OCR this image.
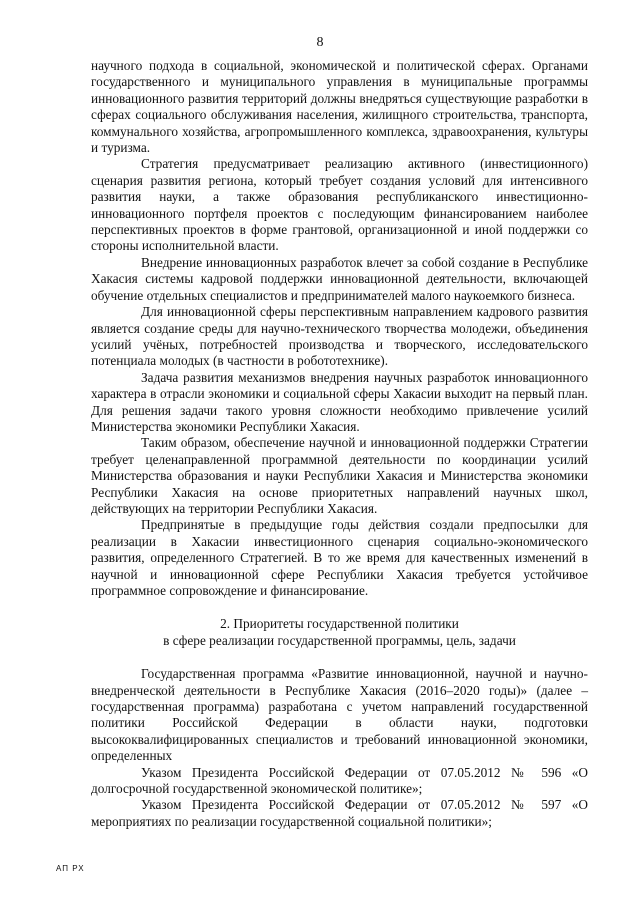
8

научного подхода в социальной, экономической и политической сферах. Органами государственного и муниципального управления в муниципальные программы инновационного развития территорий должны внедряться существующие разработки в сферах социального обслуживания населения, жилищного строительства, транспорта, коммунального хозяйства, агропромышленного комплекса, здравоохранения, культуры и туризма.

Стратегия предусматривает реализацию активного (инвестиционного) сценария развития региона, который требует создания условий для интенсивного развития науки, а также образования республиканского инвестиционно-инновационного портфеля проектов с последующим финансированием наиболее перспективных проектов в форме грантовой, организационной и иной поддержки со стороны исполнительной власти.

Внедрение инновационных разработок влечет за собой создание в Республике Хакасия системы кадровой поддержки инновационной деятельности, включающей обучение отдельных специалистов и предпринимателей малого наукоемкого бизнеса.

Для инновационной сферы перспективным направлением кадрового развития является создание среды для научно-технического творчества молодежи, объединения усилий учёных, потребностей производства и творческого, исследовательского потенциала молодых (в частности в робототехнике).

Задача развития механизмов внедрения научных разработок инновационного характера в отрасли экономики и социальной сферы Хакасии выходит на первый план. Для решения задачи такого уровня сложности необходимо привлечение усилий Министерства экономики Республики Хакасия.

Таким образом, обеспечение научной и инновационной поддержки Стратегии требует целенаправленной программной деятельности по координации усилий Министерства образования и науки Республики Хакасия и Министерства экономики Республики Хакасия на основе приоритетных направлений научных школ, действующих на территории Республики Хакасия.

Предпринятые в предыдущие годы действия создали предпосылки для реализации в Хакасии инвестиционного сценария социально-экономического развития, определенного Стратегией. В то же время для качественных изменений в научной и инновационной сфере Республики Хакасия требуется устойчивое программное сопровождение и финансирование.

2. Приоритеты государственной политики
в сфере реализации государственной программы, цель, задачи

Государственная программа «Развитие инновационной, научной и научно-внедренческой деятельности в Республике Хакасия (2016–2020 годы)» (далее – государственная программа) разработана с учетом направлений государственной политики Российской Федерации в области науки, подготовки высококвалифицированных специалистов и требований инновационной экономики, определенных

Указом Президента Российской Федерации от 07.05.2012 № 596 «О долгосрочной государственной экономической политике»;

Указом Президента Российской Федерации от 07.05.2012 № 597 «О мероприятиях по реализации государственной социальной политики»;

АП РХ
